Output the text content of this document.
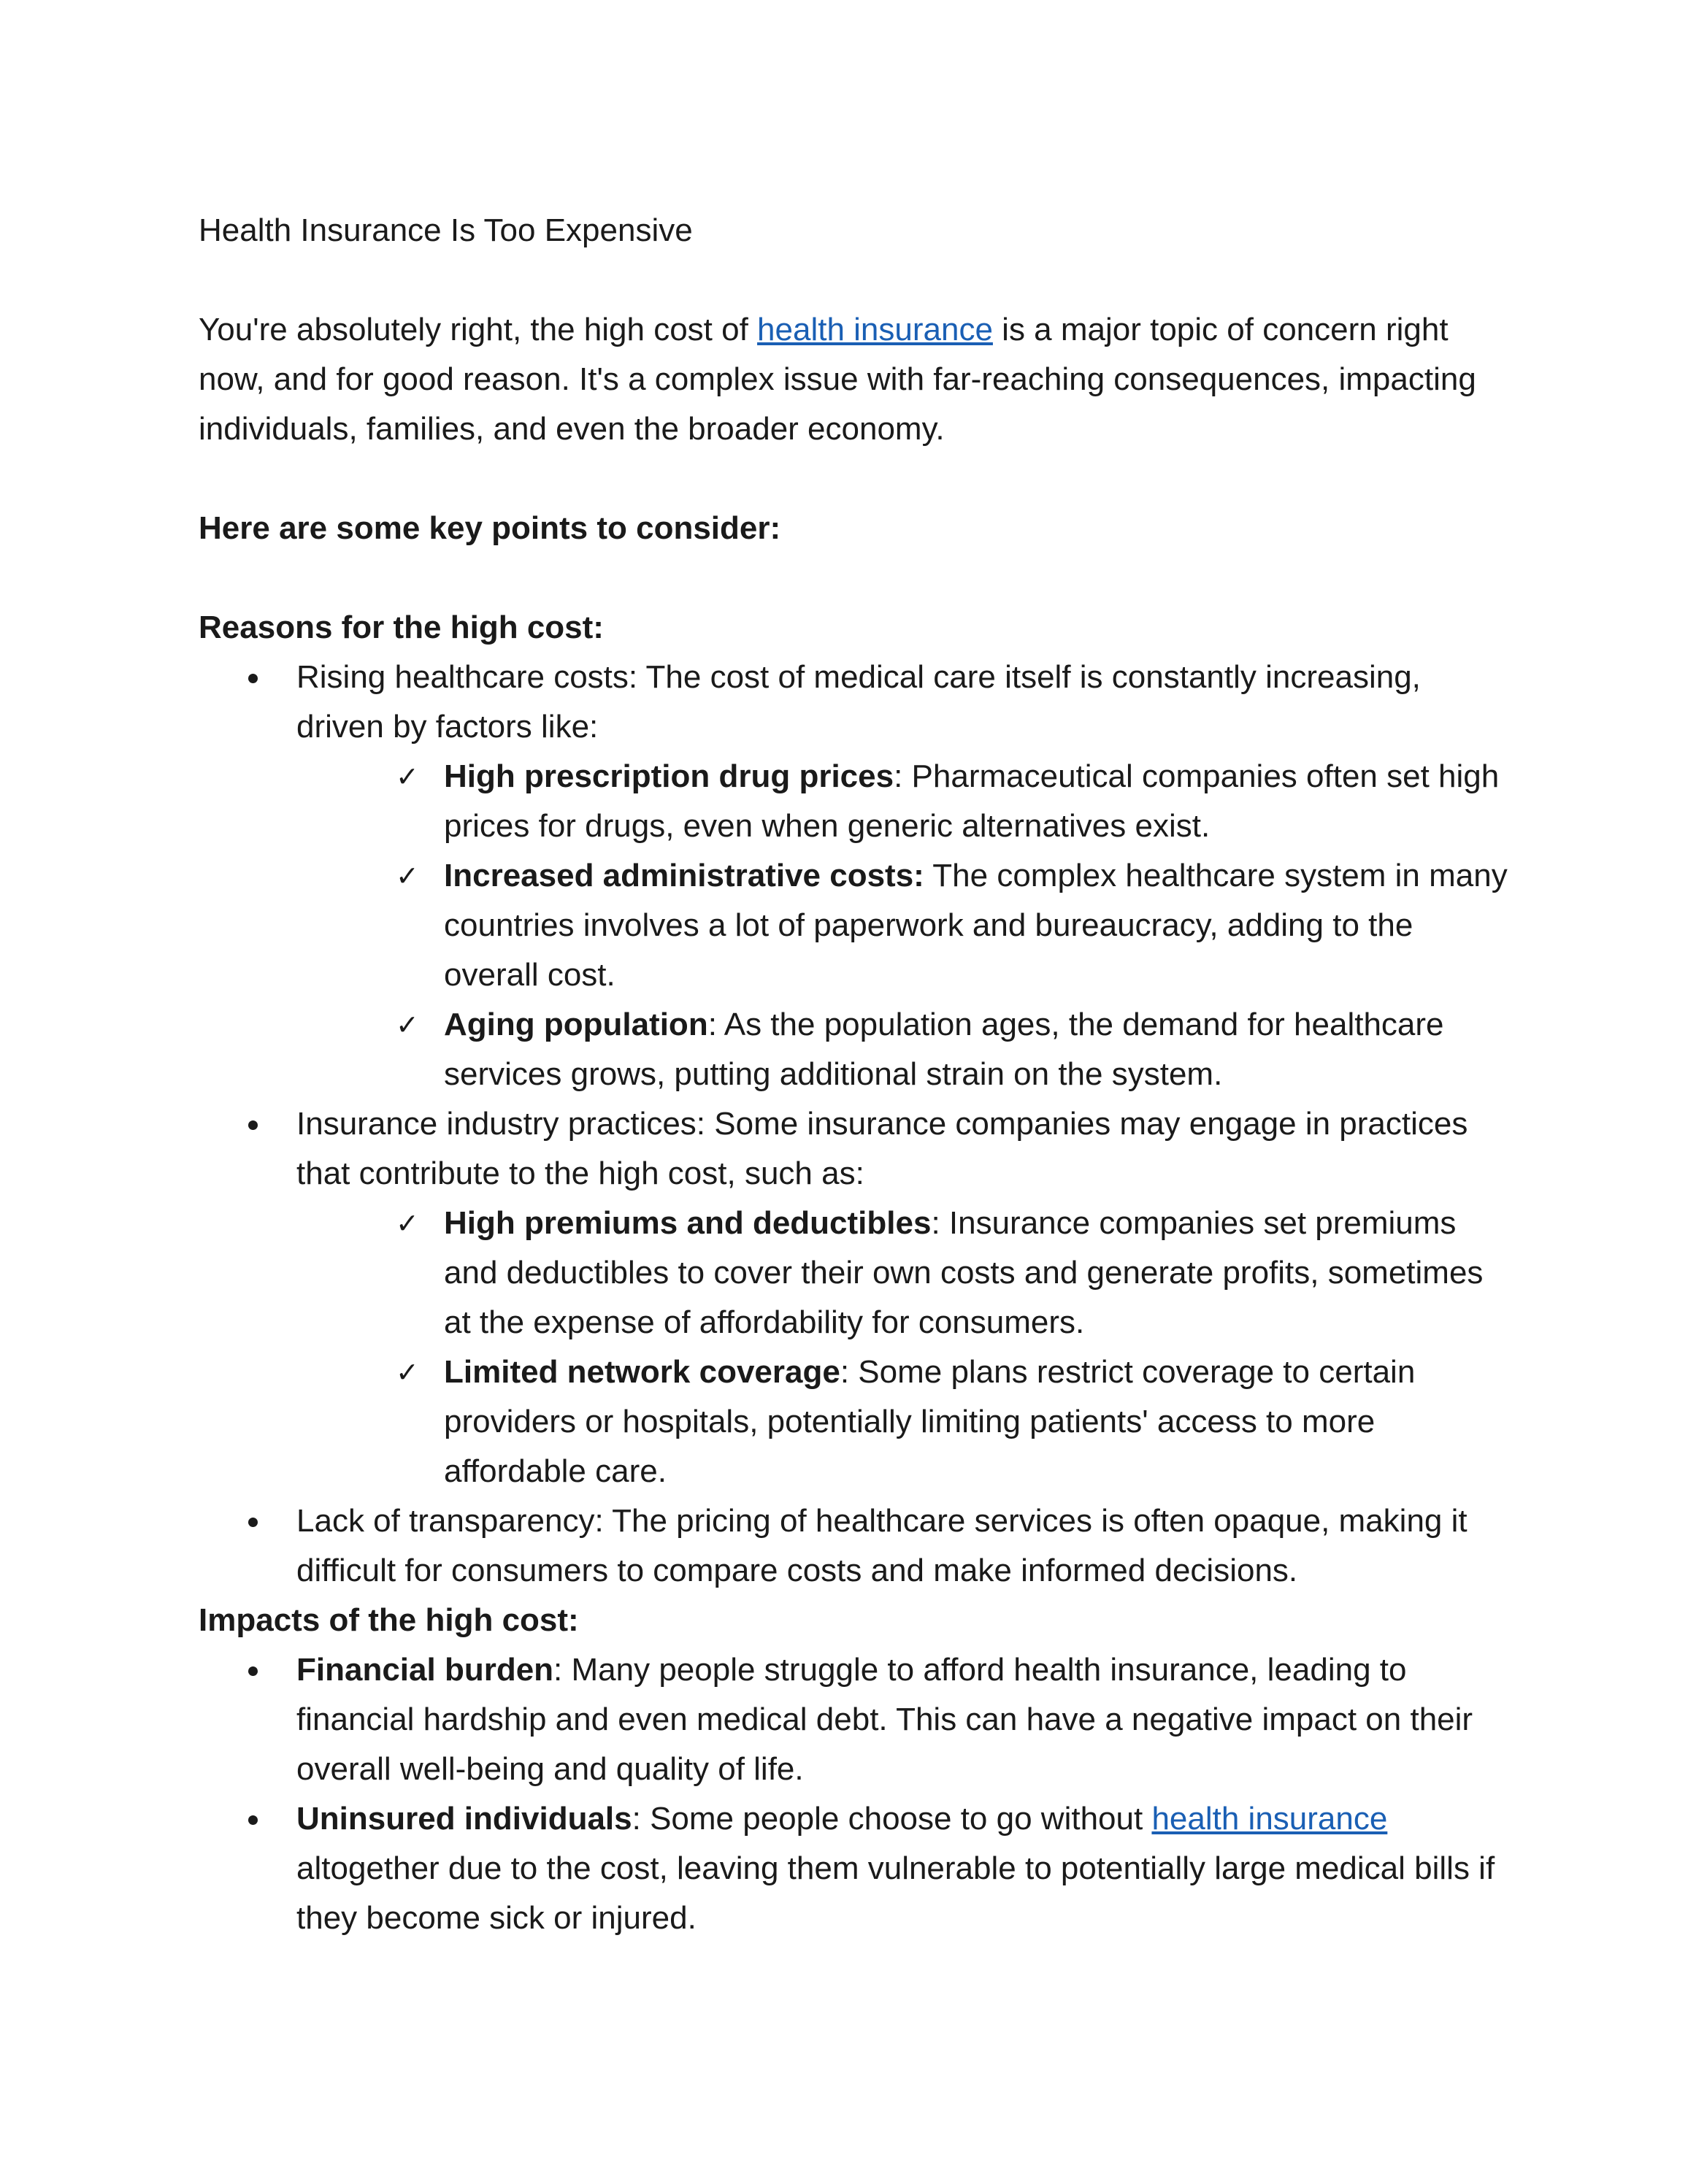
Health Insurance Is Too Expensive

You're absolutely right, the high cost of health insurance is a major topic of concern right now, and for good reason. It's a complex issue with far-reaching consequences, impacting individuals, families, and even the broader economy.

Here are some key points to consider:

Reasons for the high cost:

Rising healthcare costs: The cost of medical care itself is constantly increasing, driven by factors like:
✓ High prescription drug prices: Pharmaceutical companies often set high prices for drugs, even when generic alternatives exist.
✓ Increased administrative costs: The complex healthcare system in many countries involves a lot of paperwork and bureaucracy, adding to the overall cost.
✓ Aging population: As the population ages, the demand for healthcare services grows, putting additional strain on the system.
Insurance industry practices: Some insurance companies may engage in practices that contribute to the high cost, such as:
✓ High premiums and deductibles: Insurance companies set premiums and deductibles to cover their own costs and generate profits, sometimes at the expense of affordability for consumers.
✓ Limited network coverage: Some plans restrict coverage to certain providers or hospitals, potentially limiting patients' access to more affordable care.
Lack of transparency: The pricing of healthcare services is often opaque, making it difficult for consumers to compare costs and make informed decisions.

Impacts of the high cost:

Financial burden: Many people struggle to afford health insurance, leading to financial hardship and even medical debt. This can have a negative impact on their overall well-being and quality of life.
Uninsured individuals: Some people choose to go without health insurance altogether due to the cost, leaving them vulnerable to potentially large medical bills if they become sick or injured.
